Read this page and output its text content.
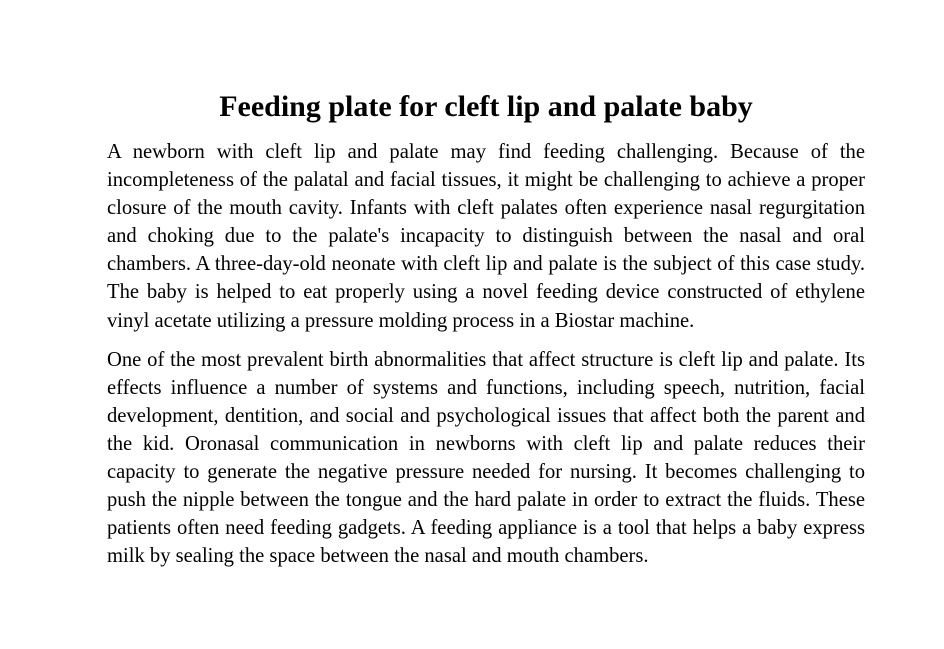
Feeding plate for cleft lip and palate baby

A newborn with cleft lip and palate may find feeding challenging. Because of the incompleteness of the palatal and facial tissues, it might be challenging to achieve a proper closure of the mouth cavity. Infants with cleft palates often experience nasal regurgitation and choking due to the palate's incapacity to distinguish between the nasal and oral chambers. A three-day-old neonate with cleft lip and palate is the subject of this case study. The baby is helped to eat properly using a novel feeding device constructed of ethylene vinyl acetate utilizing a pressure molding process in a Biostar machine.

One of the most prevalent birth abnormalities that affect structure is cleft lip and palate. Its effects influence a number of systems and functions, including speech, nutrition, facial development, dentition, and social and psychological issues that affect both the parent and the kid. Oronasal communication in newborns with cleft lip and palate reduces their capacity to generate the negative pressure needed for nursing. It becomes challenging to push the nipple between the tongue and the hard palate in order to extract the fluids. These patients often need feeding gadgets. A feeding appliance is a tool that helps a baby express milk by sealing the space between the nasal and mouth chambers.
